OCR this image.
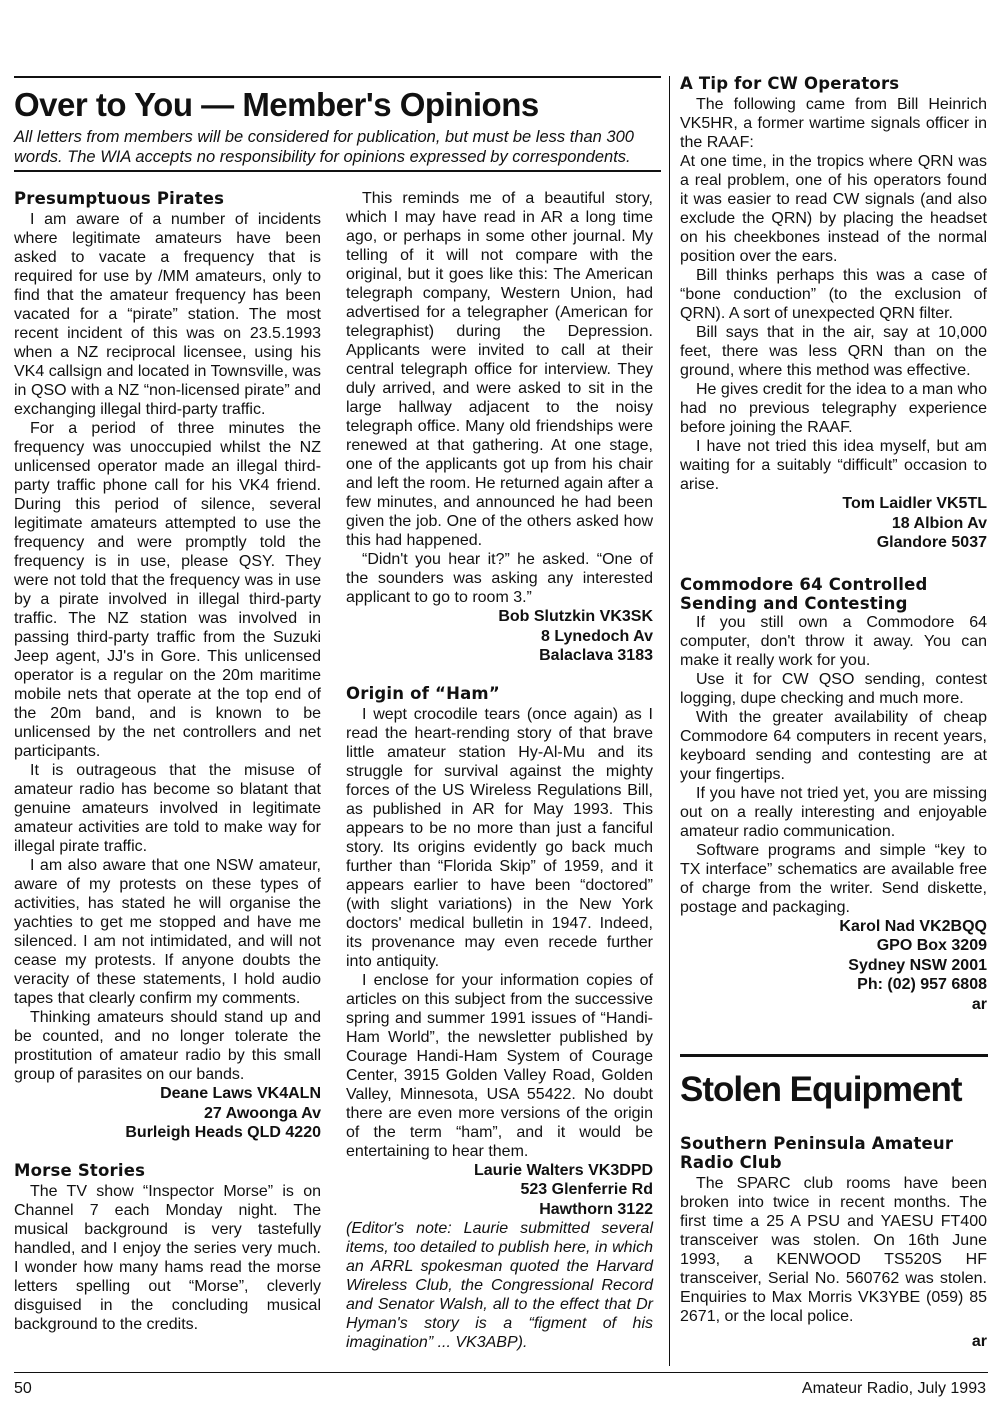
Over to You — Member's Opinions

All letters from members will be considered for publication, but must be less than 300 words. The WIA accepts no responsibility for opinions expressed by correspondents.

Presumptuous Pirates

I am aware of a number of incidents where legitimate amateurs have been asked to vacate a frequency that is required for use by /MM amateurs, only to find that the amateur frequency has been vacated for a “pirate” station. The most recent incident of this was on 23.5.1993 when a NZ reciprocal licensee, using his VK4 callsign and located in Townsville, was in QSO with a NZ “non-licensed pirate” and exchanging illegal third-party traffic.

For a period of three minutes the frequency was unoccupied whilst the NZ unlicensed operator made an illegal third-party traffic phone call for his VK4 friend. During this period of silence, several legitimate amateurs attempted to use the frequency and were promptly told the frequency is in use, please QSY. They were not told that the frequency was in use by a pirate involved in illegal third-party traffic. The NZ station was involved in passing third-party traffic from the Suzuki Jeep agent, JJ's in Gore. This unlicensed operator is a regular on the 20m maritime mobile nets that operate at the top end of the 20m band, and is known to be unlicensed by the net controllers and net participants.

It is outrageous that the misuse of amateur radio has become so blatant that genuine amateurs involved in legitimate amateur activities are told to make way for illegal pirate traffic.

I am also aware that one NSW amateur, aware of my protests on these types of activities, has stated he will organise the yachties to get me stopped and have me silenced. I am not intimidated, and will not cease my protests. If anyone doubts the veracity of these statements, I hold audio tapes that clearly confirm my comments.

Thinking amateurs should stand up and be counted, and no longer tolerate the prostitution of amateur radio by this small group of parasites on our bands.

Deane Laws VK4ALN
27 Awoonga Av
Burleigh Heads QLD 4220
Morse Stories

The TV show “Inspector Morse” is on Channel 7 each Monday night. The musical background is very tastefully handled, and I enjoy the series very much. I wonder how many hams read the morse letters spelling out “Morse”, cleverly disguised in the concluding musical background to the credits.

This reminds me of a beautiful story, which I may have read in AR a long time ago, or perhaps in some other journal. My telling of it will not compare with the original, but it goes like this: The American telegraph company, Western Union, had advertised for a telegrapher (American for telegraphist) during the Depression. Applicants were invited to call at their central telegraph office for interview. They duly arrived, and were asked to sit in the large hallway adjacent to the noisy telegraph office. Many old friendships were renewed at that gathering. At one stage, one of the applicants got up from his chair and left the room. He returned again after a few minutes, and announced he had been given the job. One of the others asked how this had happened.

“Didn't you hear it?” he asked. “One of the sounders was asking any interested applicant to go to room 3.”

Bob Slutzkin VK3SK
8 Lynedoch Av
Balaclava 3183
Origin of “Ham”

I wept crocodile tears (once again) as I read the heart-rending story of that brave little amateur station Hy-Al-Mu and its struggle for survival against the mighty forces of the US Wireless Regulations Bill, as published in AR for May 1993. This appears to be no more than just a fanciful story. Its origins evidently go back much further than “Florida Skip” of 1959, and it appears earlier to have been “doctored” (with slight variations) in the New York doctors' medical bulletin in 1947. Indeed, its provenance may even recede further into antiquity.

I enclose for your information copies of articles on this subject from the successive spring and summer 1991 issues of “Handi-Ham World”, the newsletter published by Courage Handi-Ham System of Courage Center, 3915 Golden Valley Road, Golden Valley, Minnesota, USA 55422. No doubt there are even more versions of the origin of the term “ham”, and it would be entertaining to hear them.

Laurie Walters VK3DPD
523 Glenferrie Rd
Hawthorn 3122

(Editor's note: Laurie submitted several items, too detailed to publish here, in which an ARRL spokesman quoted the Harvard Wireless Club, the Congressional Record and Senator Walsh, all to the effect that Dr Hyman's story is a “figment of his imagination” ... VK3ABP).

A Tip for CW Operators

The following came from Bill Heinrich VK5HR, a former wartime signals officer in the RAAF:

At one time, in the tropics where QRN was a real problem, one of his operators found it was easier to read CW signals (and also exclude the QRN) by placing the headset on his cheekbones instead of the normal position over the ears.

Bill thinks perhaps this was a case of “bone conduction” (to the exclusion of QRN). A sort of unexpected QRN filter.

Bill says that in the air, say at 10,000 feet, there was less QRN than on the ground, where this method was effective.

He gives credit for the idea to a man who had no previous telegraphy experience before joining the RAAF.

I have not tried this idea myself, but am waiting for a suitably “difficult” occasion to arise.

Tom Laidler VK5TL
18 Albion Av
Glandore 5037
Commodore 64 Controlled
Sending and Contesting

If you still own a Commodore 64 computer, don't throw it away. You can make it really work for you.

Use it for CW QSO sending, contest logging, dupe checking and much more.

With the greater availability of cheap Commodore 64 computers in recent years, keyboard sending and contesting are at your fingertips.

If you have not tried yet, you are missing out on a really interesting and enjoyable amateur radio communication.

Software programs and simple “key to TX interface” schematics are available free of charge from the writer. Send diskette, postage and packaging.

Karol Nad VK2BQQ
GPO Box 3209
Sydney NSW 2001
Ph: (02) 957 6808
ar
Stolen Equipment
Southern Peninsula Amateur
Radio Club

The SPARC club rooms have been broken into twice in recent months. The first time a 25 A PSU and YAESU FT400 transceiver was stolen. On 16th June 1993, a KENWOOD TS520S HF transceiver, Serial No. 560762 was stolen. Enquiries to Max Morris VK3YBE (059) 85 2671, or the local police.

ar
50	Amateur Radio, July 1993
